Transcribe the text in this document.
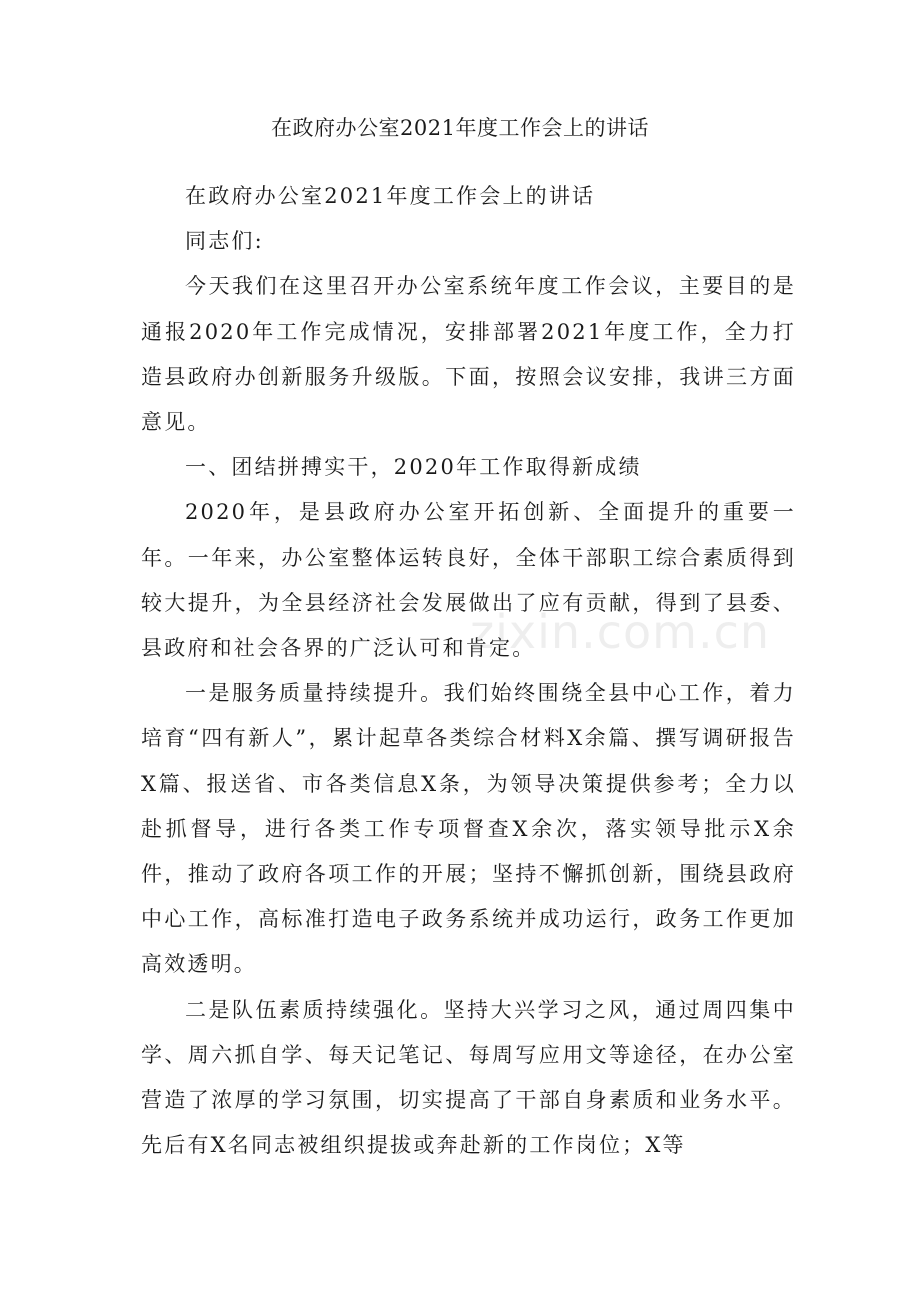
在政府办公室2021年度工作会上的讲话

在政府办公室2021年度工作会上的讲话

同志们:

今天我们在这里召开办公室系统年度工作会议，主要目的是通报2020年工作完成情况，安排部署2021年度工作，全力打造县政府办创新服务升级版。下面，按照会议安排，我讲三方面意见。

一、团结拼搏实干，2020年工作取得新成绩

2020年，是县政府办公室开拓创新、全面提升的重要一年。一年来，办公室整体运转良好，全体干部职工综合素质得到较大提升，为全县经济社会发展做出了应有贡献，得到了县委、县政府和社会各界的广泛认可和肯定。

一是服务质量持续提升。我们始终围绕全县中心工作，着力培育“四有新人”，累计起草各类综合材料X余篇、撰写调研报告X篇、报送省、市各类信息X条，为领导决策提供参考；全力以赴抓督导，进行各类工作专项督查X余次，落实领导批示X余件，推动了政府各项工作的开展；坚持不懈抓创新，围绕县政府中心工作，高标准打造电子政务系统并成功运行，政务工作更加高效透明。

二是队伍素质持续强化。坚持大兴学习之风，通过周四集中学、周六抓自学、每天记笔记、每周写应用文等途径，在办公室营造了浓厚的学习氛围，切实提高了干部自身素质和业务水平。先后有X名同志被组织提拔或奔赴新的工作岗位；X等

zixin.com.cn
